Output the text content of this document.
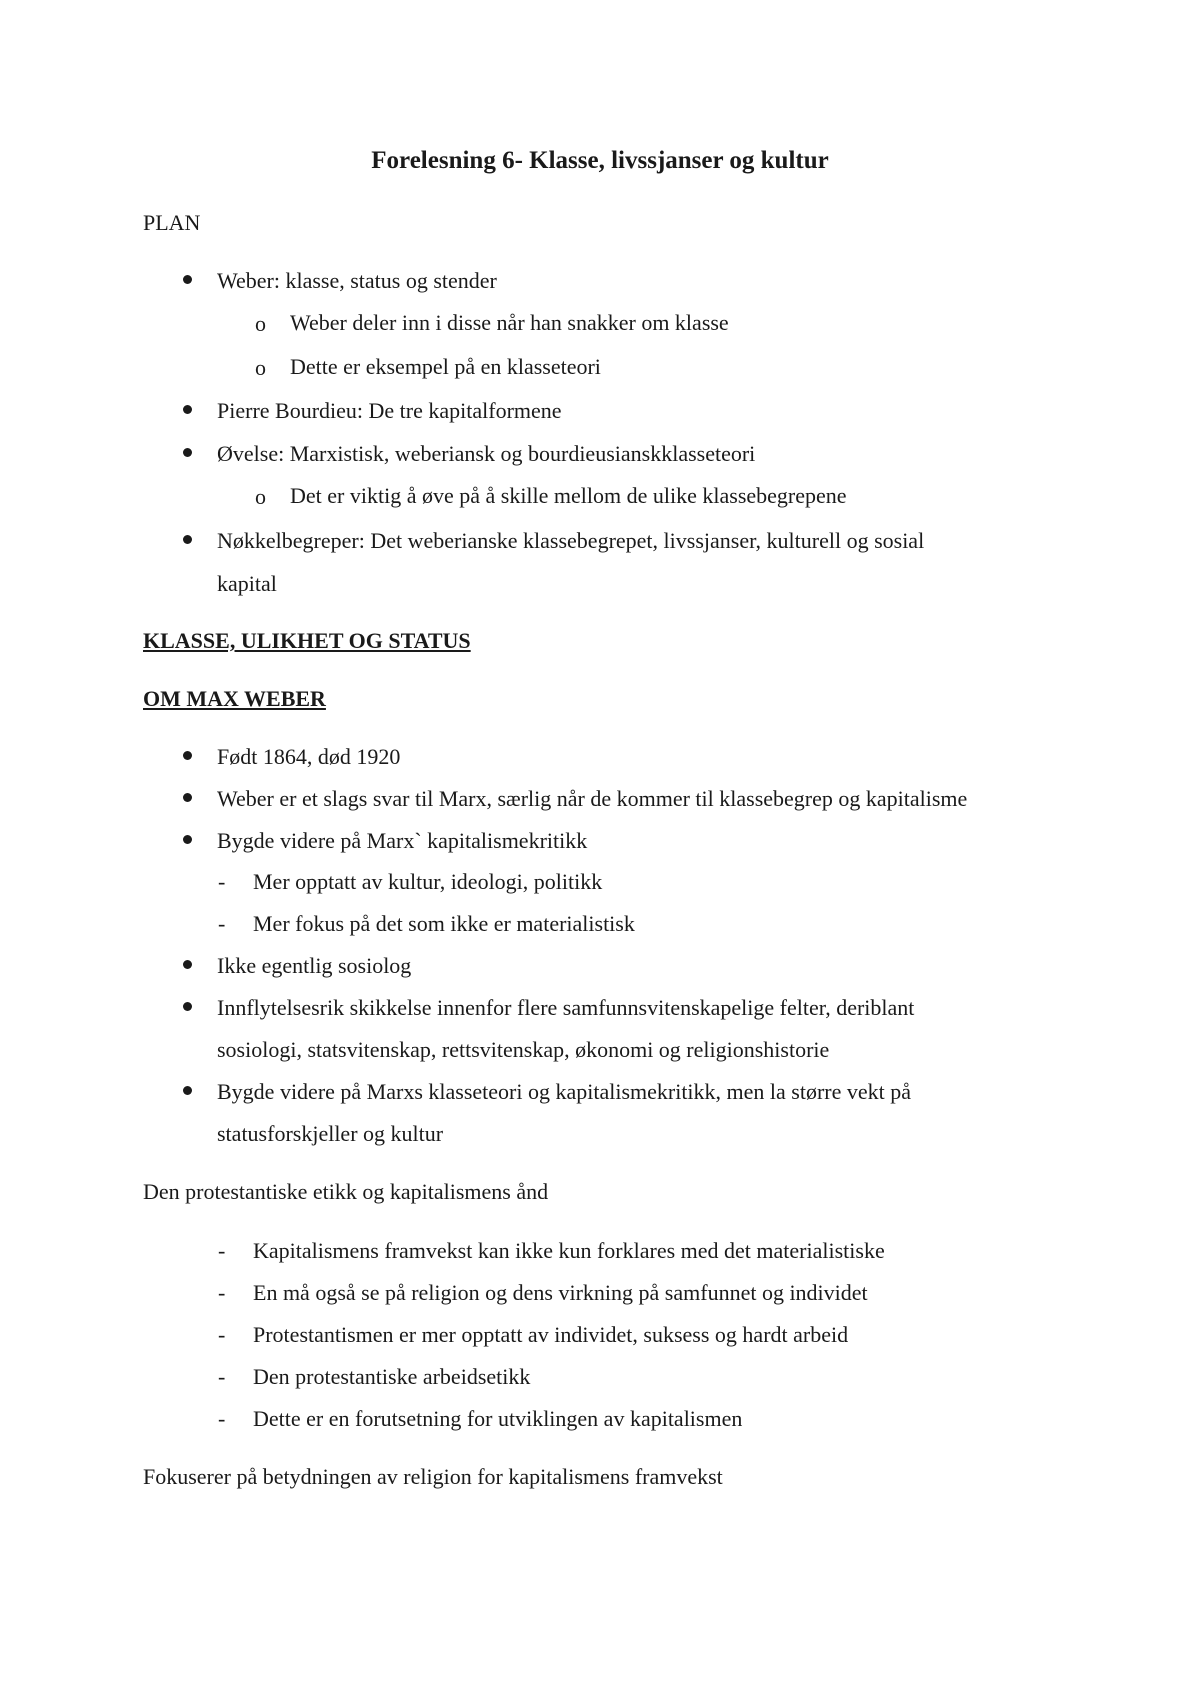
Forelesning 6- Klasse, livssjanser og kultur
PLAN
Weber: klasse, status og stender
o Weber deler inn i disse når han snakker om klasse
o Dette er eksempel på en klasseteori
Pierre Bourdieu: De tre kapitalformene
Øvelse: Marxistisk, weberiansk og bourdieusianskklasseteori
o Det er viktig å øve på å skille mellom de ulike klassebegrepene
Nøkkelbegreper: Det weberianske klassebegrepet, livssjanser, kulturell og sosial
kapital
KLASSE, ULIKHET OG STATUS
OM MAX WEBER
Født 1864, død 1920
Weber er et slags svar til Marx, særlig når de kommer til klassebegrep og kapitalisme
Bygde videre på Marx` kapitalismekritikk
- Mer opptatt av kultur, ideologi, politikk
- Mer fokus på det som ikke er materialistisk
Ikke egentlig sosiolog
Innflytelsesrik skikkelse innenfor flere samfunnsvitenskapelige felter, deriblant
sosiologi, statsvitenskap, rettsvitenskap, økonomi og religionshistorie
Bygde videre på Marxs klasseteori og kapitalismekritikk, men la større vekt på
statusforskjeller og kultur
Den protestantiske etikk og kapitalismens ånd
- Kapitalismens framvekst kan ikke kun forklares med det materialistiske
- En må også se på religion og dens virkning på samfunnet og individet
- Protestantismen er mer opptatt av individet, suksess og hardt arbeid
- Den protestantiske arbeidsetikk
- Dette er en forutsetning for utviklingen av kapitalismen
Fokuserer på betydningen av religion for kapitalismens framvekst
